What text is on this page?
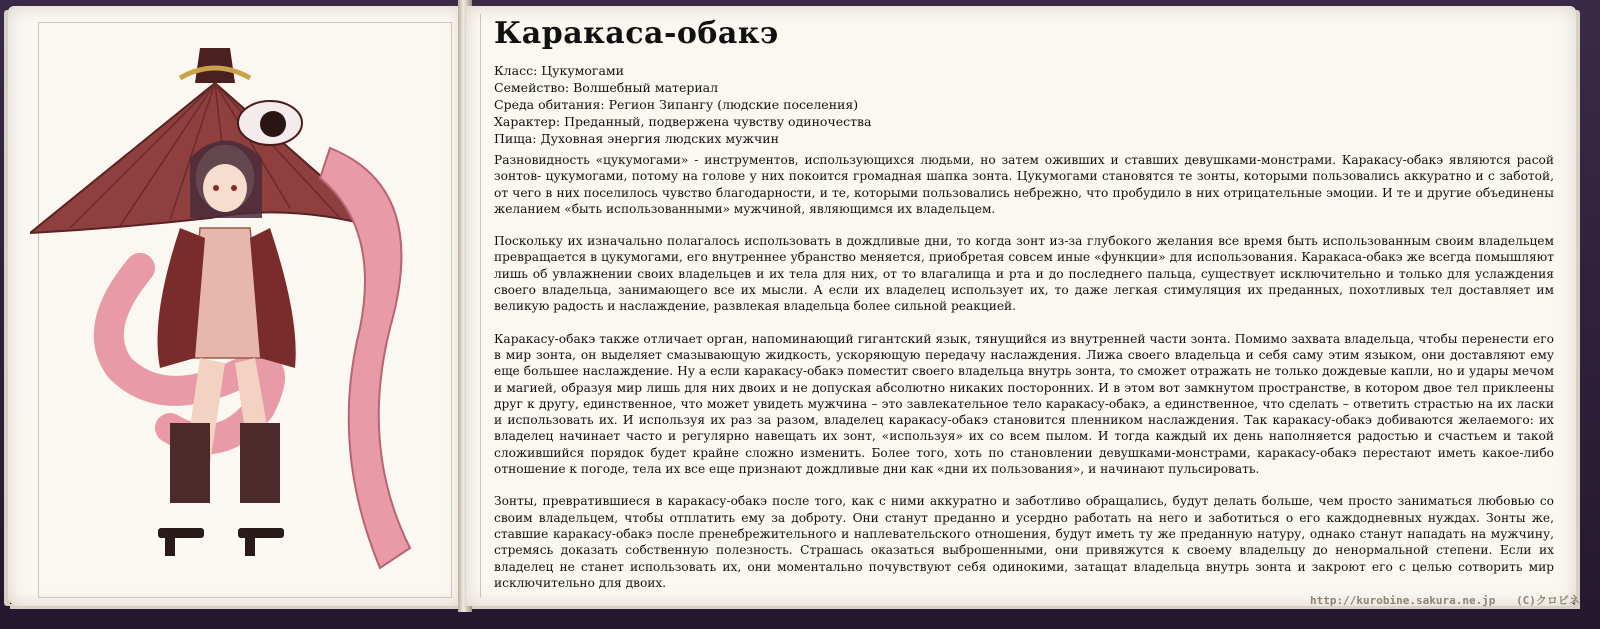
Каракаса-обакэ
Класс: Цукумогами
Семейство: Волшебный материал
Среда обитания: Регион Зипангу (людские поселения)
Характер: Преданный, подвержена чувству одиночества
Пища: Духовная энергия людских мужчин

Разновидность «цукумогами» - инструментов, использующихся людьми, но затем оживших и ставших девушками-монстрами. Каракасу-обакэ являются расой зонтов- цукумогами, потому на голове у них покоится громадная шапка зонта. Цукумогами становятся те зонты, которыми пользовались аккуратно и с заботой, от чего в них поселилось чувство благодарности, и те, которыми пользовались небрежно, что пробудило в них отрицательные эмоции. И те и другие объединены желанием «быть использованными» мужчиной, являющимся их владельцем.

Поскольку их изначально полагалось использовать в дождливые дни, то когда зонт из-за глубокого желания все время быть использованным своим владельцем превращается в цукумогами, его внутреннее убранство меняется, приобретая совсем иные «функции» для использования. Каракаса-обакэ же всегда помышляют лишь об увлажнении своих владельцев и их тела для них, от то влагалища и рта и до последнего пальца, существует исключительно и только для услаждения своего владельца, занимающего все их мысли. А если их владелец использует их, то даже легкая стимуляция их преданных, похотливых тел доставляет им великую радость и наслаждение, развлекая владельца более сильной реакцией.

Каракасу-обакэ также отличает орган, напоминающий гигантский язык, тянущийся из внутренней части зонта. Помимо захвата владельца, чтобы перенести его в мир зонта, он выделяет смазывающую жидкость, ускоряющую передачу наслаждения. Лижа своего владельца и себя саму этим языком, они доставляют ему еще большее наслаждение. Ну а если каракасу-обакэ поместит своего владельца внутрь зонта, то сможет отражать не только дождевые капли, но и удары мечом и магией, образуя мир лишь для них двоих и не допуская абсолютно никаких посторонних. И в этом вот замкнутом пространстве, в котором двое тел приклеены друг к другу, единственное, что может увидеть мужчина – это завлекательное тело каракасу-обакэ, а единственное, что сделать – ответить страстью на их ласки и использовать их. И используя их раз за разом, владелец каракасу-обакэ становится пленником наслаждения. Так каракасу-обакэ добиваются желаемого: их владелец начинает часто и регулярно навещать их зонт, «используя» их со всем пылом. И тогда каждый их день наполняется радостью и счастьем и такой сложившийся порядок будет крайне сложно изменить. Более того, хоть по становлении девушками-монстрами, каракасу-обакэ перестают иметь какое-либо отношение к погоде, тела их все еще признают дождливые дни как «дни их пользования», и начинают пульсировать.

Зонты, превратившиеся в каракасу-обакэ после того, как с ними аккуратно и заботливо обращались, будут делать больше, чем просто заниматься любовью со своим владельцем, чтобы отплатить ему за доброту. Они станут преданно и усердно работать на него и заботиться о его каждодневных нуждах. Зонты же, ставшие каракасу-обакэ после пренебрежительного и наплевательского отношения, будут иметь ту же преданную натуру, однако станут нападать на мужчину, стремясь доказать собственную полезность. Страшась оказаться выброшенными, они привяжутся к своему владельцу до ненормальной степени. Если их владелец не станет использовать их, они моментально почувствуют себя одинокими, затащат владельца внутрь зонта и закроют его с целью сотворить мир исключительно для двоих.

http://kurobine.sakura.ne.jp (C)クロビネ
